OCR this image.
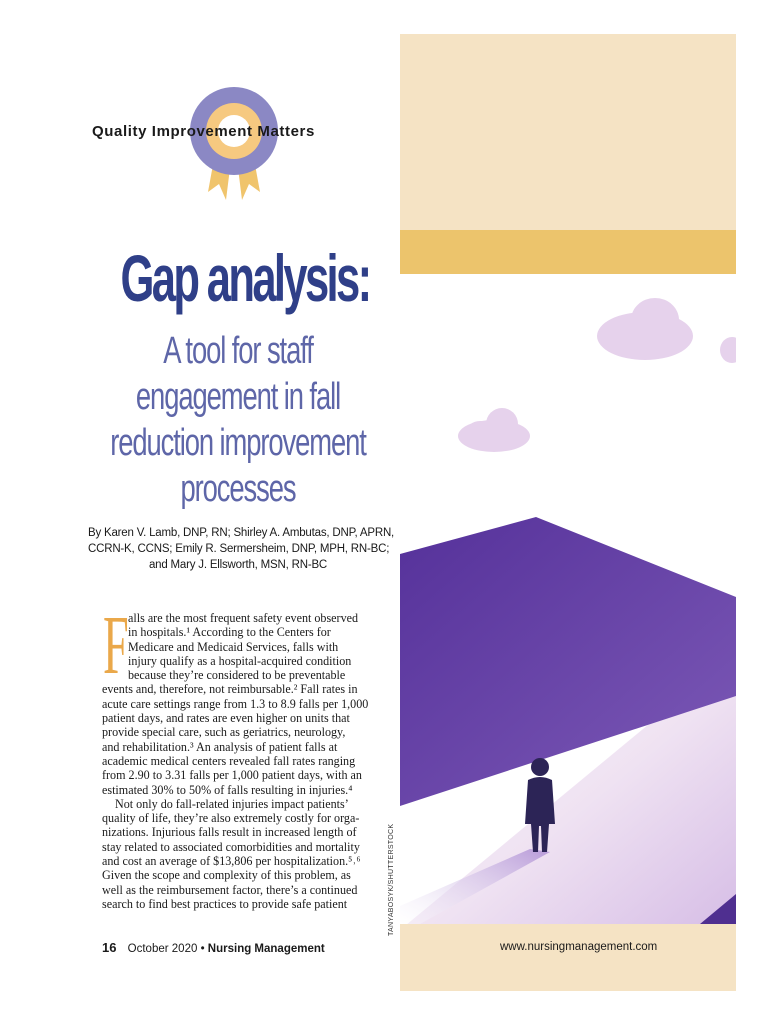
TANYABOSYK/SHUTTERSTOCK
Quality Improvement Matters
Gap analysis:
A tool for staff
engagement in fall
reduction improvement
processes
By Karen V. Lamb, DNP, RN; Shirley A. Ambutas, DNP, APRN,
CCRN-K, CCNS; Emily R. Sermersheim, DNP, MPH, RN-BC;
and Mary J. Ellsworth, MSN, RN-BC
F alls are the most frequent safety event observed
in hospitals.¹ According to the Centers for
Medicare and Medicaid Services, falls with
injury qualify as a hospital-acquired condition
because they’re considered to be preventable
events and, therefore, not reimbursable.² Fall rates in
acute care settings range from 1.3 to 8.9 falls per 1,000
patient days, and rates are even higher on units that
provide special care, such as geriatrics, neurology,
and rehabilitation.³ An analysis of patient falls at
academic medical centers revealed fall rates ranging
from 2.90 to 3.31 falls per 1,000 patient days, with an
estimated 30% to 50% of falls resulting in injuries.⁴
Not only do fall-related injuries impact patients’
quality of life, they’re also extremely costly for orga-
nizations. Injurious falls result in increased length of
stay related to associated comorbidities and mortality
and cost an average of $13,806 per hospitalization.⁵˒⁶
Given the scope and complexity of this problem, as
well as the reimbursement factor, there’s a continued
search to find best practices to provide safe patient
16 October 2020 • Nursing Management	www.nursingmanagement.com
